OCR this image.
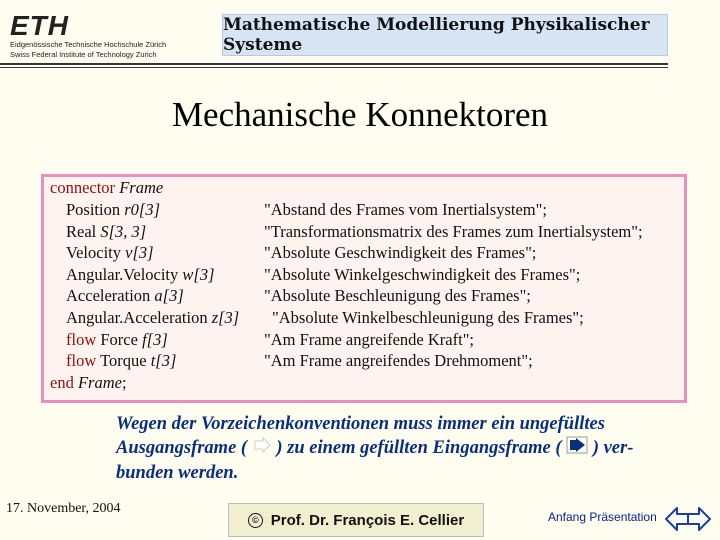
ETH
Eidgenössische Technische Hochschule Zürich
Swiss Federal Institute of Technology Zurich
Mathematische Modellierung Physikalischer Systeme
Mechanische Konnektoren
connector Frame
Position r0[3]	"Abstand des Frames vom Inertialsystem";
Real S[3, 3]	"Transformationsmatrix des Frames zum Inertialsystem";
Velocity v[3]	"Absolute Geschwindigkeit des Frames";
Angular.Velocity w[3]	"Absolute Winkelgeschwindigkeit des Frames";
Acceleration a[3]	"Absolute Beschleunigung des Frames";
Angular.Acceleration z[3] "Absolute Winkelbeschleunigung des Frames";
flow Force f[3]	"Am Frame angreifende Kraft";
flow Torque t[3]	"Am Frame angreifendes Drehmoment";
end Frame;
Wegen der Vorzeichenkonventionen muss immer ein ungefülltes Ausgangsframe ( ) zu einem gefüllten Eingangsframe ( ) ver-bunden werden.
17. November, 2004
© Prof. Dr. François E. Cellier	Anfang Präsentation
